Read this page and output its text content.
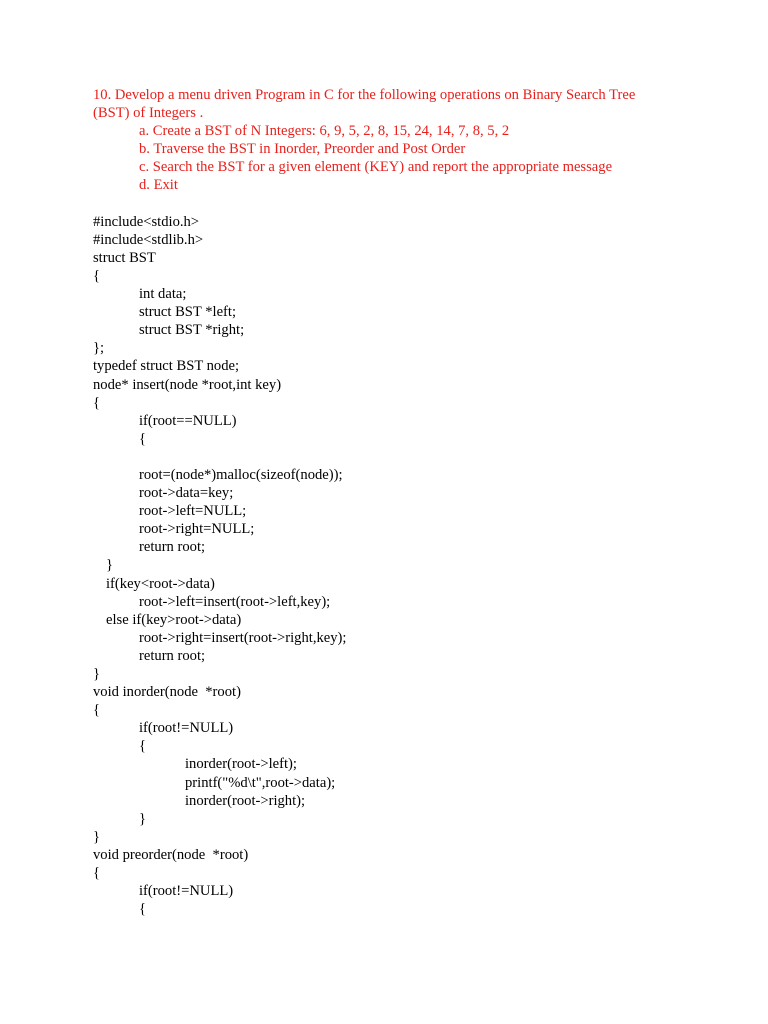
10. Develop a menu driven Program in C for the following operations on Binary Search Tree
(BST) of Integers .
a. Create a BST of N Integers: 6, 9, 5, 2, 8, 15, 24, 14, 7, 8, 5, 2
b. Traverse the BST in Inorder, Preorder and Post Order
c. Search the BST for a given element (KEY) and report the appropriate message
d. Exit
#include<stdio.h>
#include<stdlib.h>
struct BST
{
int data;
struct BST *left;
struct BST *right;
};
typedef struct BST node;
node* insert(node *root,int key)
{
if(root==NULL)
{
root=(node*)malloc(sizeof(node));
root->data=key;
root->left=NULL;
root->right=NULL;
return root;
}
if(key<root->data)
root->left=insert(root->left,key);
else if(key>root->data)
root->right=insert(root->right,key);
return root;
}
void inorder(node  *root)
{
if(root!=NULL)
{
inorder(root->left);
printf("%d\t",root->data);
inorder(root->right);
}
}
void preorder(node  *root)
{
if(root!=NULL)
{
